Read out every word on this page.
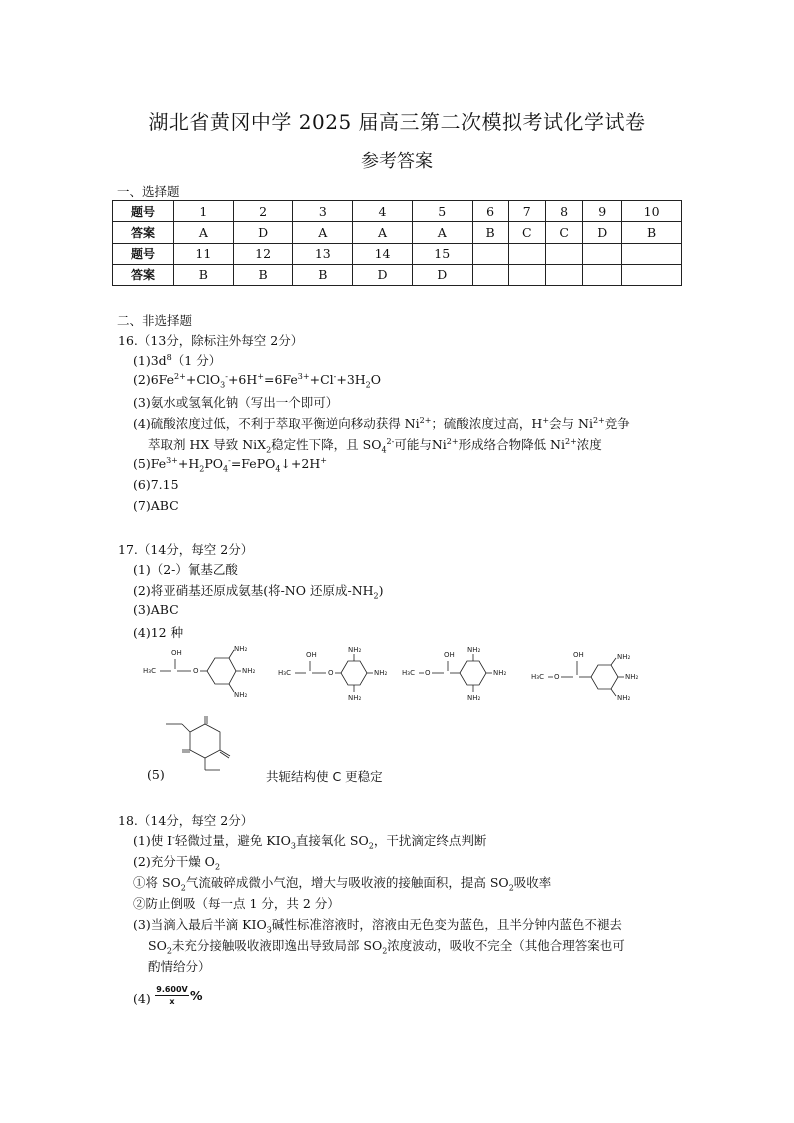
湖北省黄冈中学 2025 届高三第二次模拟考试化学试卷
参考答案
一、选择题
题号	1	2	3	4	5	6	7	8	9	10
答案	A	D	A	A	A	B	C	C	D	B
题号	11	12	13	14	15					
答案	B	B	B	D	D					
二、非选择题
16.（13分，除标注外每空 2分）
$(1)3d^8(1$ 分）
$(2)6Fe^{2+}+ClO_3^-+6H^+=6Fe^{3+}+Cl^-+3H_2O$
(3)氨水或氢氧化钠（写出一个即可）
(4)硫酸浓度过低，不利于萃取平衡逆向移动获得 $Ni^{2+}$；硫酸浓度过高，H+会与 $Ni^{2+}$竞争
萃取剂 HX 导致 NiX$_2$稳定性下降，且 $SO_4^{2-}$可能与$Ni^{2+}$形成络合物降低 $Ni^{2+}$浓度
$(5)Fe^{3+}+H_2PO_4^-=FePO_4↓+2H^+$
(6)7.15
(7)ABC
17.（14分，每空 2分）
(1)（2-）氰基乙酸
(2)将亚硝基还原成氨基(将-NO 还原成$-NH_2$)
(3)ABC
(4)12 种
H₃C
OH
O
NH₂
NH₂
NH₂
H₃C
OH
O
NH₂
NH₂
NH₂
H₃C O
OH
NH₂
NH₂
NH₂
H₃C O
OH	NH₂
NH₂
NH₂
(5)	共轭结构使 C 更稳定
18.（14分，每空 2分）
(1)使 I-轻微过量，避免 $KIO_3$直接氧化 $SO_2$，干扰滴定终点判断
(2)充分干燥 $O_2$
①将 $SO_2$气流破碎成微小气泡，增大与吸收液的接触面积，提高 $SO_2$吸收率
②防止倒吸（每一点 1 分，共 2 分）
(3)当滴入最后半滴 $KIO_3$碱性标准溶液时，溶液由无色变为蓝色，且半分钟内蓝色不褪去
$SO_2$未充分接触吸收液即逸出导致局部 $SO_2$浓度波动，吸收不完全（其他合理答案也可
酌情给分）
$(4) \frac{9.600V}{x}$ %
